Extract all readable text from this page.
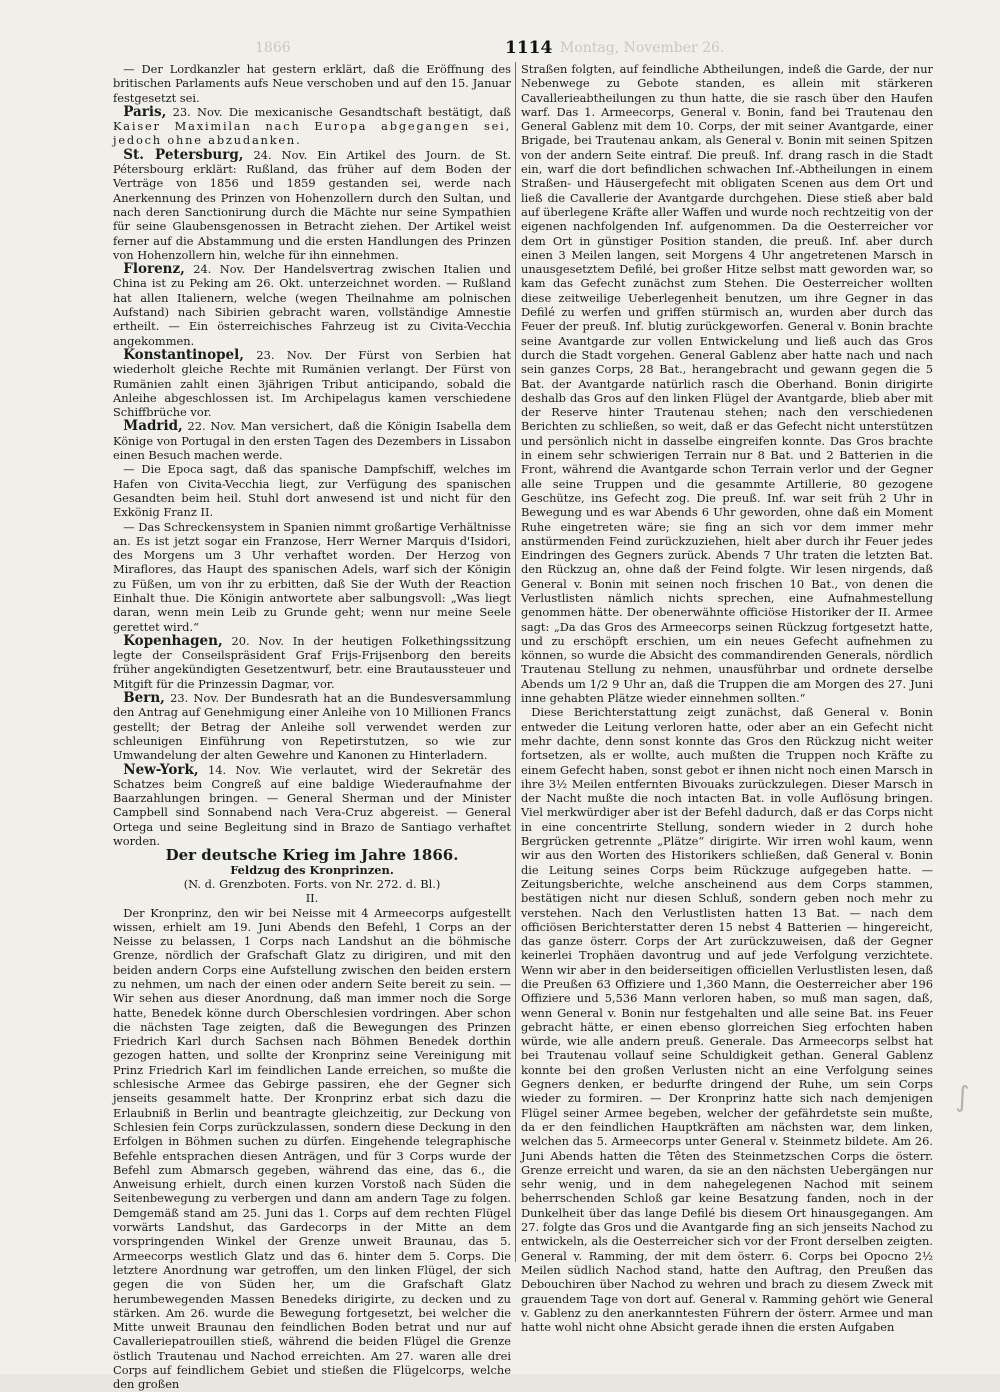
1866	Montag, November 26.
1114

— Der Lordkanzler hat gestern erklärt, daß die Eröffnung des britischen Parlaments aufs Neue verschoben und auf den 15. Januar festgesetzt sei.

Paris, 23. Nov. Die mexicanische Gesandtschaft bestätigt, daß Kaiser Maximilan nach Europa abgegangen sei, jedoch ohne abzudanken.

St. Petersburg, 24. Nov. Ein Artikel des Journ. de St. Pétersbourg erklärt: Rußland, das früher auf dem Boden der Verträge von 1856 und 1859 gestanden sei, werde nach Anerkennung des Prinzen von Hohenzollern durch den Sultan, und nach deren Sanctionirung durch die Mächte nur seine Sympathien für seine Glaubensgenossen in Betracht ziehen. Der Artikel weist ferner auf die Abstammung und die ersten Handlungen des Prinzen von Hohenzollern hin, welche für ihn einnehmen.

Florenz, 24. Nov. Der Handelsvertrag zwischen Italien und China ist zu Peking am 26. Okt. unterzeichnet worden. — Rußland hat allen Italienern, welche (wegen Theilnahme am polnischen Aufstand) nach Sibirien gebracht waren, vollständige Amnestie ertheilt. — Ein österreichisches Fahrzeug ist zu Civita-Vecchia angekommen.

Konstantinopel, 23. Nov. Der Fürst von Serbien hat wiederholt gleiche Rechte mit Rumänien verlangt. Der Fürst von Rumänien zahlt einen 3jährigen Tribut anticipando, sobald die Anleihe abgeschlossen ist. Im Archipelagus kamen verschiedene Schiffbrüche vor.

Madrid, 22. Nov. Man versichert, daß die Königin Isabella dem Könige von Portugal in den ersten Tagen des Dezembers in Lissabon einen Besuch machen werde.

— Die Epoca sagt, daß das spanische Dampfschiff, welches im Hafen von Civita-Vecchia liegt, zur Verfügung des spanischen Gesandten beim heil. Stuhl dort anwesend ist und nicht für den Exkönig Franz II.

— Das Schreckensystem in Spanien nimmt großartige Verhältnisse an. Es ist jetzt sogar ein Franzose, Herr Werner Marquis d'Isidori, des Morgens um 3 Uhr verhaftet worden. Der Herzog von Miraflores, das Haupt des spanischen Adels, warf sich der Königin zu Füßen, um von ihr zu erbitten, daß Sie der Wuth der Reaction Einhalt thue. Die Königin antwortete aber salbungsvoll: „Was liegt daran, wenn mein Leib zu Grunde geht; wenn nur meine Seele gerettet wird.“

Kopenhagen, 20. Nov. In der heutigen Folkethingssitzung legte der Conseilspräsident Graf Frijs-Frijsenborg den bereits früher angekündigten Gesetzentwurf, betr. eine Brautaussteuer und Mitgift für die Prinzessin Dagmar, vor.

Bern, 23. Nov. Der Bundesrath hat an die Bundesversammlung den Antrag auf Genehmigung einer Anleihe von 10 Millionen Francs gestellt; der Betrag der Anleihe soll verwendet werden zur schleunigen Einführung von Repetirstutzen, so wie zur Umwandelung der alten Gewehre und Kanonen zu Hinterladern.

New-York, 14. Nov. Wie verlautet, wird der Sekretär des Schatzes beim Congreß auf eine baldige Wiederaufnahme der Baarzahlungen bringen. — General Sherman und der Minister Campbell sind Sonnabend nach Vera-Cruz abgereist. — General Ortega und seine Begleitung sind in Brazo de Santiago verhaftet worden.

Der deutsche Krieg im Jahre 1866.

Feldzug des Kronprinzen.

(N. d. Grenzboten. Forts. von Nr. 272. d. Bl.)

II.

Der Kronprinz, den wir bei Neisse mit 4 Armeecorps aufgestellt wissen, erhielt am 19. Juni Abends den Befehl, 1 Corps an der Neisse zu belassen, 1 Corps nach Landshut an die böhmische Grenze, nördlich der Grafschaft Glatz zu dirigiren, und mit den beiden andern Corps eine Aufstellung zwischen den beiden erstern zu nehmen, um nach der einen oder andern Seite bereit zu sein. — Wir sehen aus dieser Anordnung, daß man immer noch die Sorge hatte, Benedek könne durch Oberschlesien vordringen. Aber schon die nächsten Tage zeigten, daß die Bewegungen des Prinzen Friedrich Karl durch Sachsen nach Böhmen Benedek dorthin gezogen hatten, und sollte der Kronprinz seine Vereinigung mit Prinz Friedrich Karl im feindlichen Lande erreichen, so mußte die schlesische Armee das Gebirge passiren, ehe der Gegner sich jenseits gesammelt hatte. Der Kronprinz erbat sich dazu die Erlaubniß in Berlin und beantragte gleichzeitig, zur Deckung von Schlesien fein Corps zurückzulassen, sondern diese Deckung in den Erfolgen in Böhmen suchen zu dürfen. Eingehende telegraphische Befehle entsprachen diesen Anträgen, und für 3 Corps wurde der Befehl zum Abmarsch gegeben, während das eine, das 6., die Anweisung erhielt, durch einen kurzen Vorstoß nach Süden die Seitenbewegung zu verbergen und dann am andern Tage zu folgen. Demgemäß stand am 25. Juni das 1. Corps auf dem rechten Flügel vorwärts Landshut, das Gardecorps in der Mitte an dem vorspringenden Winkel der Grenze unweit Braunau, das 5. Armeecorps westlich Glatz und das 6. hinter dem 5. Corps. Die letztere Anordnung war getroffen, um den linken Flügel, der sich gegen die von Süden her, um die Grafschaft Glatz herumbewegenden Massen Benedeks dirigirte, zu decken und zu stärken. Am 26. wurde die Bewegung fortgesetzt, bei welcher die Mitte unweit Braunau den feindlichen Boden betrat und nur auf Cavalleriepatrouillen stieß, während die beiden Flügel die Grenze östlich Trautenau und Nachod erreichten. Am 27. waren alle drei Corps auf feindlichem Gebiet und stießen die Flügelcorps, welche den großen

Straßen folgten, auf feindliche Abtheilungen, indeß die Garde, der nur Nebenwege zu Gebote standen, es allein mit stärkeren Cavallerieabtheilungen zu thun hatte, die sie rasch über den Haufen warf. Das 1. Armeecorps, General v. Bonin, fand bei Trautenau den General Gablenz mit dem 10. Corps, der mit seiner Avantgarde, einer Brigade, bei Trautenau ankam, als General v. Bonin mit seinen Spitzen von der andern Seite eintraf. Die preuß. Inf. drang rasch in die Stadt ein, warf die dort befindlichen schwachen Inf.-Abtheilungen in einem Straßen- und Häusergefecht mit obligaten Scenen aus dem Ort und ließ die Cavallerie der Avantgarde durchgehen. Diese stieß aber bald auf überlegene Kräfte aller Waffen und wurde noch rechtzeitig von der eigenen nachfolgenden Inf. aufgenommen. Da die Oesterreicher vor dem Ort in günstiger Position standen, die preuß. Inf. aber durch einen 3 Meilen langen, seit Morgens 4 Uhr angetretenen Marsch in unausgesetztem Defilé, bei großer Hitze selbst matt geworden war, so kam das Gefecht zunächst zum Stehen. Die Oesterreicher wollten diese zeitweilige Ueberlegenheit benutzen, um ihre Gegner in das Defilé zu werfen und griffen stürmisch an, wurden aber durch das Feuer der preuß. Inf. blutig zurückgeworfen. General v. Bonin brachte seine Avantgarde zur vollen Entwickelung und ließ auch das Gros durch die Stadt vorgehen. General Gablenz aber hatte nach und nach sein ganzes Corps, 28 Bat., herangebracht und gewann gegen die 5 Bat. der Avantgarde natürlich rasch die Oberhand. Bonin dirigirte deshalb das Gros auf den linken Flügel der Avantgarde, blieb aber mit der Reserve hinter Trautenau stehen; nach den verschiedenen Berichten zu schließen, so weit, daß er das Gefecht nicht unterstützen und persönlich nicht in dasselbe eingreifen konnte. Das Gros brachte in einem sehr schwierigen Terrain nur 8 Bat. und 2 Batterien in die Front, während die Avantgarde schon Terrain verlor und der Gegner alle seine Truppen und die gesammte Artillerie, 80 gezogene Geschütze, ins Gefecht zog. Die preuß. Inf. war seit früh 2 Uhr in Bewegung und es war Abends 6 Uhr geworden, ohne daß ein Moment Ruhe eingetreten wäre; sie fing an sich vor dem immer mehr anstürmenden Feind zurückzuziehen, hielt aber durch ihr Feuer jedes Eindringen des Gegners zurück. Abends 7 Uhr traten die letzten Bat. den Rückzug an, ohne daß der Feind folgte. Wir lesen nirgends, daß General v. Bonin mit seinen noch frischen 10 Bat., von denen die Verlustlisten nämlich nichts sprechen, eine Aufnahmestellung genommen hätte. Der obenerwähnte officiöse Historiker der II. Armee sagt: „Da das Gros des Armeecorps seinen Rückzug fortgesetzt hatte, und zu erschöpft erschien, um ein neues Gefecht aufnehmen zu können, so wurde die Absicht des commandirenden Generals, nördlich Trautenau Stellung zu nehmen, unausführbar und ordnete derselbe Abends um 1/2 9 Uhr an, daß die Truppen die am Morgen des 27. Juni inne gehabten Plätze wieder einnehmen sollten.“

Diese Berichterstattung zeigt zunächst, daß General v. Bonin entweder die Leitung verloren hatte, oder aber an ein Gefecht nicht mehr dachte, denn sonst konnte das Gros den Rückzug nicht weiter fortsetzen, als er wollte, auch mußten die Truppen noch Kräfte zu einem Gefecht haben, sonst gebot er ihnen nicht noch einen Marsch in ihre 3½ Meilen entfernten Bivouaks zurückzulegen. Dieser Marsch in der Nacht mußte die noch intacten Bat. in volle Auflösung bringen. Viel merkwürdiger aber ist der Befehl dadurch, daß er das Corps nicht in eine concentrirte Stellung, sondern wieder in 2 durch hohe Bergrücken getrennte „Plätze“ dirigirte. Wir irren wohl kaum, wenn wir aus den Worten des Historikers schließen, daß General v. Bonin die Leitung seines Corps beim Rückzuge aufgegeben hatte. — Zeitungsberichte, welche anscheinend aus dem Corps stammen, bestätigen nicht nur diesen Schluß, sondern geben noch mehr zu verstehen. Nach den Verlustlisten hatten 13 Bat. — nach dem officiösen Berichterstatter deren 15 nebst 4 Batterien — hingereicht, das ganze österr. Corps der Art zurückzuweisen, daß der Gegner keinerlei Trophäen davontrug und auf jede Verfolgung verzichtete. Wenn wir aber in den beiderseitigen officiellen Verlustlisten lesen, daß die Preußen 63 Offiziere und 1,360 Mann, die Oesterreicher aber 196 Offiziere und 5,536 Mann verloren haben, so muß man sagen, daß, wenn General v. Bonin nur festgehalten und alle seine Bat. ins Feuer gebracht hätte, er einen ebenso glorreichen Sieg erfochten haben würde, wie alle andern preuß. Generale. Das Armeecorps selbst hat bei Trautenau vollauf seine Schuldigkeit gethan. General Gablenz konnte bei den großen Verlusten nicht an eine Verfolgung seines Gegners denken, er bedurfte dringend der Ruhe, um sein Corps wieder zu formiren. — Der Kronprinz hatte sich nach demjenigen Flügel seiner Armee begeben, welcher der gefährdetste sein mußte, da er den feindlichen Hauptkräften am nächsten war, dem linken, welchen das 5. Armeecorps unter General v. Steinmetz bildete. Am 26. Juni Abends hatten die Têten des Steinmetzschen Corps die österr. Grenze erreicht und waren, da sie an den nächsten Uebergängen nur sehr wenig, und in dem nahegelegenen Nachod mit seinem beherrschenden Schloß gar keine Besatzung fanden, noch in der Dunkelheit über das lange Defilé bis diesem Ort hinausgegangen. Am 27. folgte das Gros und die Avantgarde fing an sich jenseits Nachod zu entwickeln, als die Oesterreicher sich vor der Front derselben zeigten. General v. Ramming, der mit dem österr. 6. Corps bei Opocno 2½ Meilen südlich Nachod stand, hatte den Auftrag, den Preußen das Debouchiren über Nachod zu wehren und brach zu diesem Zweck mit grauendem Tage von dort auf. General v. Ramming gehört wie General v. Gablenz zu den anerkanntesten Führern der österr. Armee und man hatte wohl nicht ohne Absicht gerade ihnen die ersten Aufgaben

∫
